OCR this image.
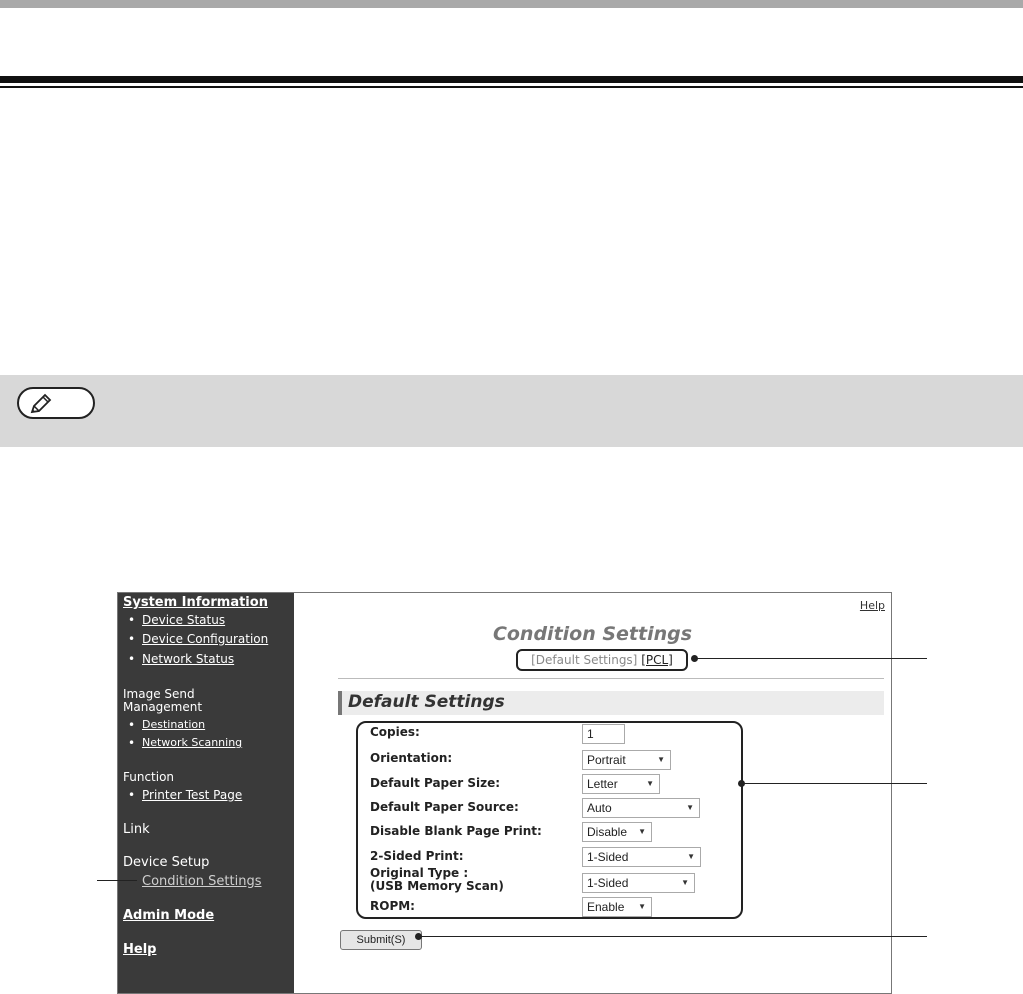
System Information
• Device Status
• Device Configuration
• Network Status
Image Send
Management
• Destination
• Network Scanning
Function
• Printer Test Page
Link
Device Setup
Condition Settings
Admin Mode
Help
Help
Condition Settings
[Default Settings] [PCL]
Default Settings
Copies:	1
Orientation:	Portrait	▼
Default Paper Size:	Letter	▼
Default Paper Source:	Auto	▼
Disable Blank Page Print:	Disable ▼
2-Sided Print:	1-Sided	▼
Original Type :
(USB Memory Scan)	1-Sided	▼
ROPM:	Enable ▼
Submit(S)
